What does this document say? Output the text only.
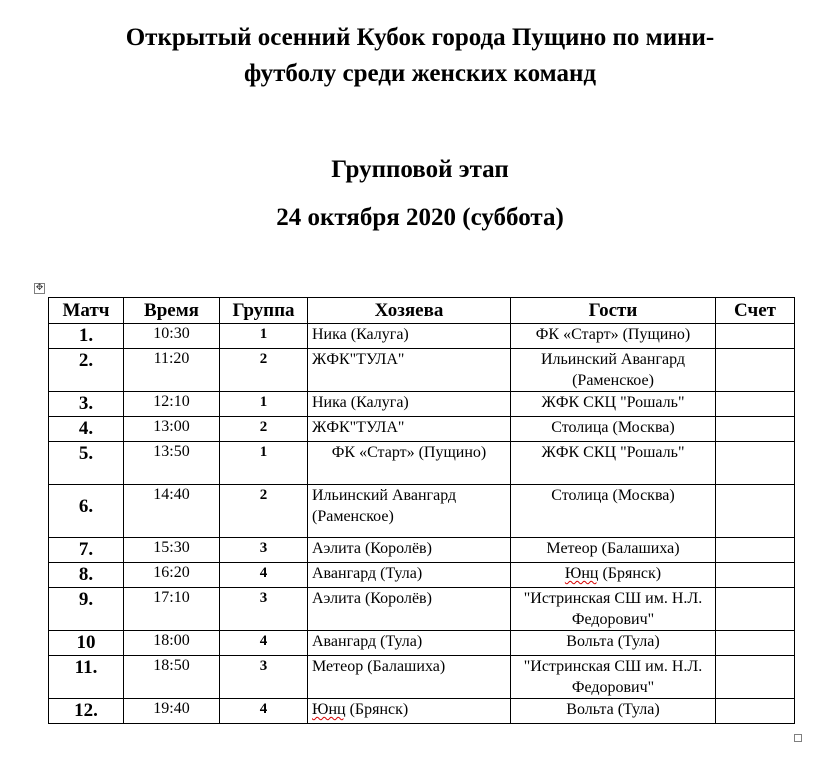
Открытый осенний Кубок города Пущино по мини-
футболу среди женских команд
Групповой этап
24 октября 2020 (суббота)
✥
Матч	Время	Группа	Хозяева	Гости	Счет
1.	10:30	1	Ника (Калуга)	ФК «Старт» (Пущино)	
2.	11:20	2	ЖФК"ТУЛА"	Ильинский Авангард (Раменское)	
3.	12:10	1	Ника (Калуга)	ЖФК СКЦ "Рошаль"	
4.	13:00	2	ЖФК"ТУЛА"	Столица (Москва)	
5.	13:50	1	ФК «Старт» (Пущино)	ЖФК СКЦ "Рошаль"	
6.	14:40	2	Ильинский Авангард (Раменское)	Столица (Москва)	
7.	15:30	3	Аэлита (Королёв)	Метеор (Балашиха)	
8.	16:20	4	Авангард (Тула)	Юнц (Брянск)	
9.	17:10	3	Аэлита (Королёв)	"Истринская СШ им. Н.Л. Федорович"	
10	18:00	4	Авангард (Тула)	Вольта (Тула)	
11.	18:50	3	Метеор (Балашиха)	"Истринская СШ им. Н.Л. Федорович"	
12.	19:40	4	Юнц (Брянск)	Вольта (Тула)	
